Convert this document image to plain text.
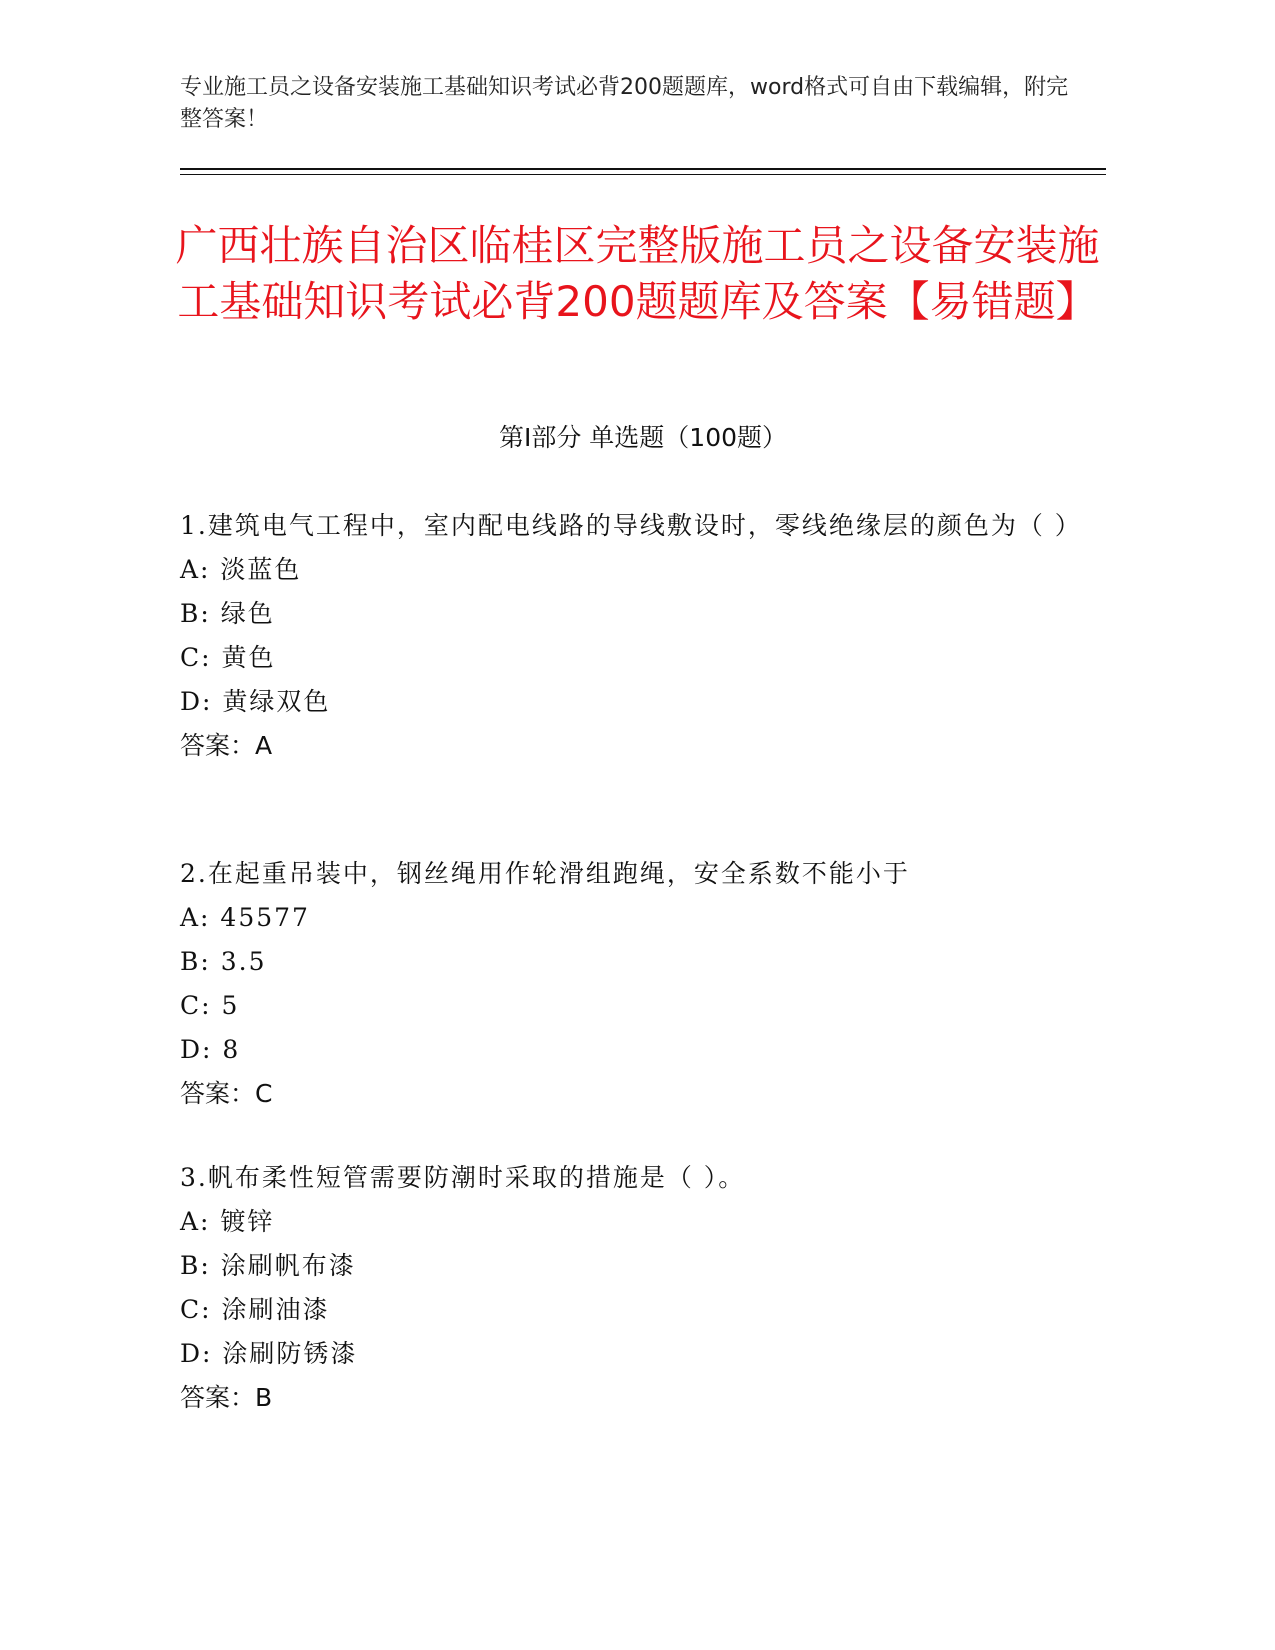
专业施工员之设备安装施工基础知识考试必背200题题库，word格式可自由下载编辑，附完整答案！
广西壮族自治区临桂区完整版施工员之设备安装施工基础知识考试必背200题题库及答案【易错题】
第I部分 单选题（100题）
1.建筑电气工程中，室内配电线路的导线敷设时，零线绝缘层的颜色为（ ）
A: 淡蓝色
B: 绿色
C: 黄色
D: 黄绿双色
答案：A
2.在起重吊装中，钢丝绳用作轮滑组跑绳，安全系数不能小于
A: 45577
B: 3.5
C: 5
D: 8
答案：C
3.帆布柔性短管需要防潮时采取的措施是（ ）。
A: 镀锌
B: 涂刷帆布漆
C: 涂刷油漆
D: 涂刷防锈漆
答案：B
